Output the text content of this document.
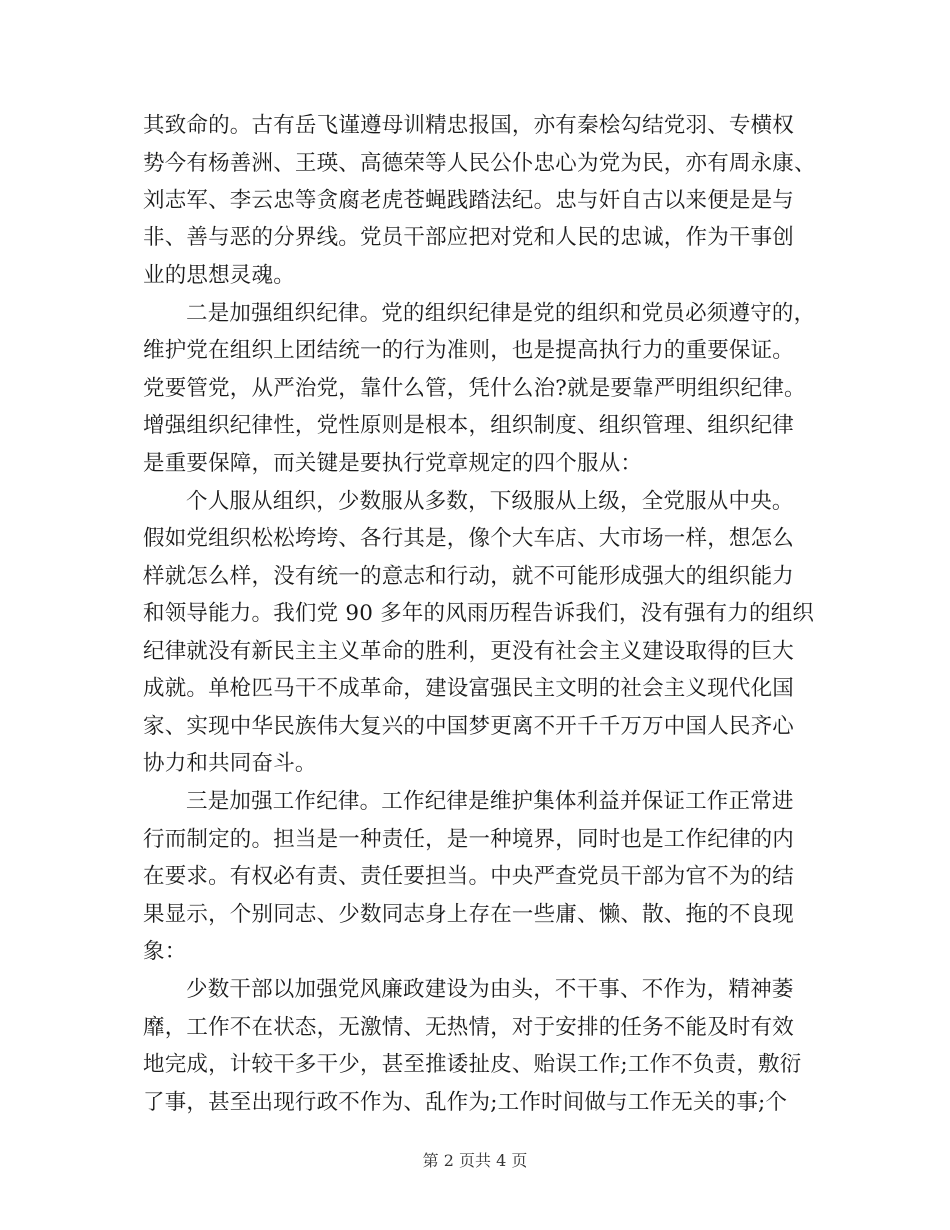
其致命的。古有岳飞谨遵母训精忠报国，亦有秦桧勾结党羽、专横权
势今有杨善洲、王瑛、高德荣等人民公仆忠心为党为民，亦有周永康、
刘志军、李云忠等贪腐老虎苍蝇践踏法纪。忠与奸自古以来便是是与
非、善与恶的分界线。党员干部应把对党和人民的忠诚，作为干事创
业的思想灵魂。
二是加强组织纪律。党的组织纪律是党的组织和党员必须遵守的，
维护党在组织上团结统一的行为准则，也是提高执行力的重要保证。
党要管党，从严治党，靠什么管，凭什么治?就是要靠严明组织纪律。
增强组织纪律性，党性原则是根本，组织制度、组织管理、组织纪律
是重要保障，而关键是要执行党章规定的四个服从：
个人服从组织，少数服从多数，下级服从上级，全党服从中央。
假如党组织松松垮垮、各行其是，像个大车店、大市场一样，想怎么
样就怎么样，没有统一的意志和行动，就不可能形成强大的组织能力
和领导能力。我们党 90 多年的风雨历程告诉我们，没有强有力的组织
纪律就没有新民主主义革命的胜利，更没有社会主义建设取得的巨大
成就。单枪匹马干不成革命，建设富强民主文明的社会主义现代化国
家、实现中华民族伟大复兴的中国梦更离不开千千万万中国人民齐心
协力和共同奋斗。
三是加强工作纪律。工作纪律是维护集体利益并保证工作正常进
行而制定的。担当是一种责任，是一种境界，同时也是工作纪律的内
在要求。有权必有责、责任要担当。中央严查党员干部为官不为的结
果显示，个别同志、少数同志身上存在一些庸、懒、散、拖的不良现
象：
少数干部以加强党风廉政建设为由头，不干事、不作为，精神萎
靡，工作不在状态，无激情、无热情，对于安排的任务不能及时有效
地完成，计较干多干少，甚至推诿扯皮、贻误工作;工作不负责，敷衍
了事，甚至出现行政不作为、乱作为;工作时间做与工作无关的事;个
第 2 页共 4 页
